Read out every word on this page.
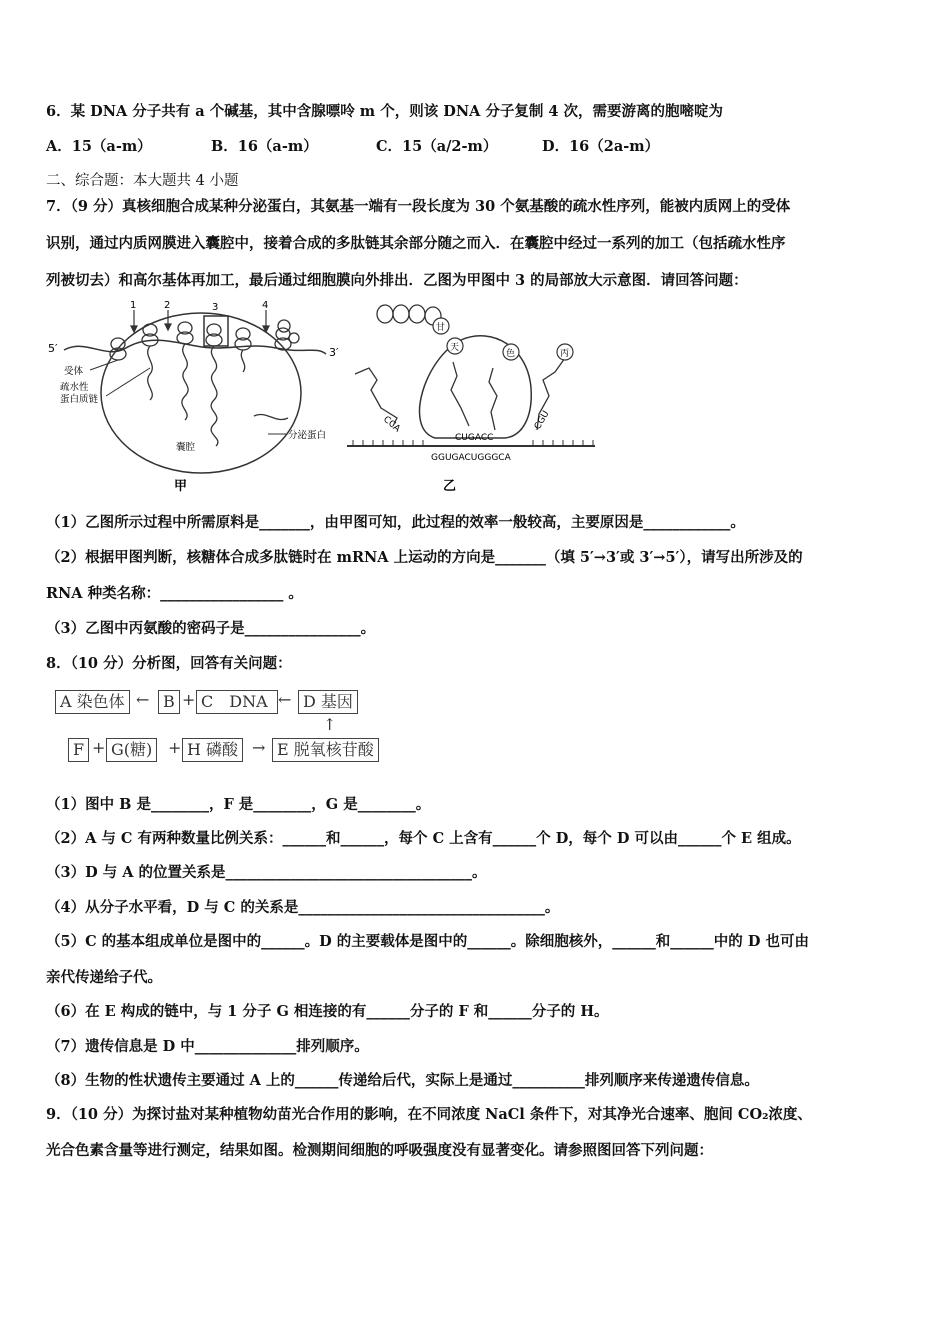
6．某 DNA 分子共有 a 个碱基，其中含腺嘌呤 m 个，则该 DNA 分子复制 4 次，需要游离的胞嘧啶为
A．15（a-m）	B．16（a-m）	C．15（a/2-m）	D．16（2a-m）
二、综合题：本大题共 4 小题
7．（9 分）真核细胞合成某种分泌蛋白，其氨基一端有一段长度为 30 个氨基酸的疏水性序列，能被内质网上的受体
识别，通过内质网膜进入囊腔中，接着合成的多肽链其余部分随之而入．在囊腔中经过一系列的加工（包括疏水性序
列被切去）和高尔基体再加工，最后通过细胞膜向外排出．乙图为甲图中 3 的局部放大示意图．请回答问题：
1	2	3	4
5′	3′
受体
疏水性
蛋白质链
囊腔
分泌蛋白
甲
甘
天
色	丙
CCA
CUGACC
CGU
GGUGACUGGGCA
乙
（1）乙图所示过程中所需原料是_______，由甲图可知，此过程的效率一般较高，主要原因是____________。
（2）根据甲图判断，核糖体合成多肽链时在 mRNA 上运动的方向是_______（填 5′→3′或 3′→5′），请写出所涉及的
RNA 种类名称：_________________ 。
（3）乙图中丙氨酸的密码子是________________。
8．（10 分）分析图，回答有关问题：
A 染色体 ← B + C　DNA ← D 基因
↑
F + G(糖) + H 磷酸 → E 脱氧核苷酸
（1）图中 B 是________，F 是________，G 是________。
（2）A 与 C 有两种数量比例关系：______和______，每个 C 上含有______个 D，每个 D 可以由______个 E 组成。
（3）D 与 A 的位置关系是__________________________________。
（4）从分子水平看，D 与 C 的关系是__________________________________。
（5）C 的基本组成单位是图中的______。D 的主要载体是图中的______。除细胞核外，______和______中的 D 也可由
亲代传递给子代。
（6）在 E 构成的链中，与 1 分子 G 相连接的有______分子的 F 和______分子的 H。
（7）遗传信息是 D 中______________排列顺序。
（8）生物的性状遗传主要通过 A 上的______传递给后代，实际上是通过__________排列顺序来传递遗传信息。
9．（10 分）为探讨盐对某种植物幼苗光合作用的影响，在不同浓度 NaCl 条件下，对其净光合速率、胞间 CO₂浓度、
光合色素含量等进行测定，结果如图。检测期间细胞的呼吸强度没有显著变化。请参照图回答下列问题：
